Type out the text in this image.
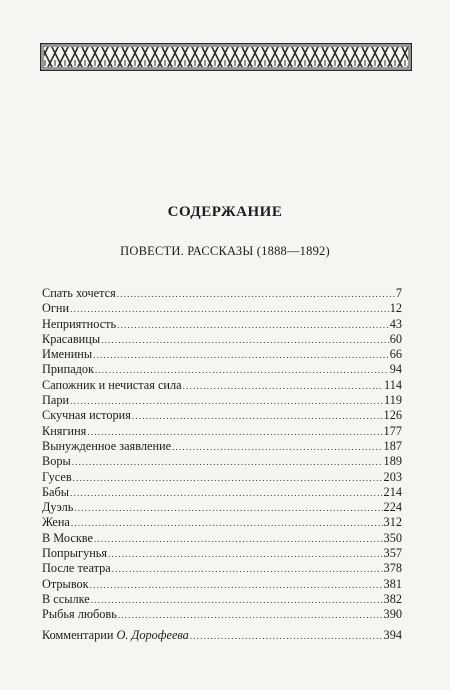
СОДЕРЖАНИЕ
ПОВЕСТИ. РАССКАЗЫ (1888—1892)
Спать хочется .....	7
Огни .....	12
Неприятность .....	43
Красавицы .....	60
Именины .....	66
Припадок .....	94
Сапожник и нечистая сила .....	114
Пари .....	119
Скучная история .....	126
Княгиня .....	177
Вынужденное заявление .....	187
Воры .....	189
Гусев .....	203
Бабы .....	214
Дуэль .....	224
Жена .....	312
В Москве .....	350
Попрыгунья .....	357
После театра .....	378
Отрывок .....	381
В ссылке .....	382
Рыбья любовь .....	390
Комментарии О. Дорофеева .....	394
